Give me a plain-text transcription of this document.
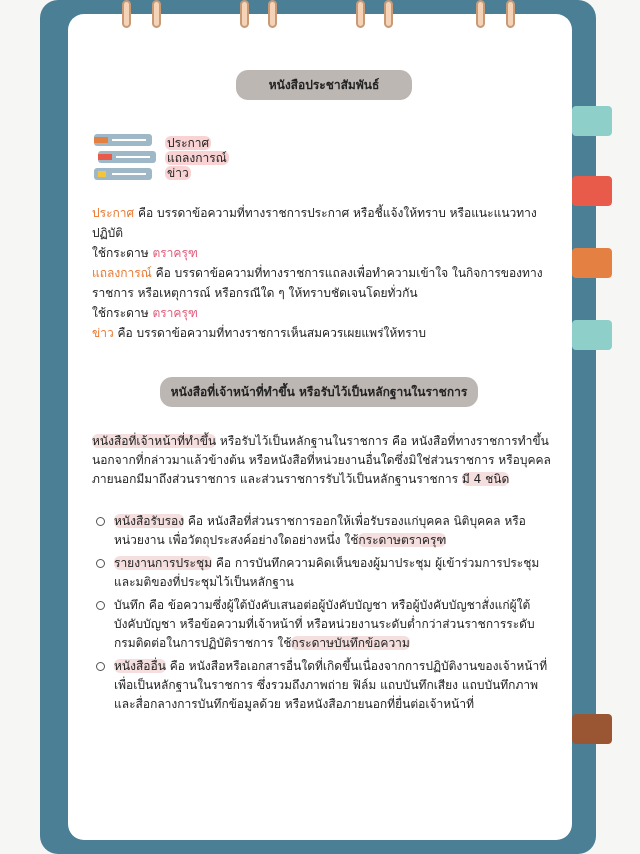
หนังสือประชาสัมพันธ์
ประกาศ
แถลงการณ์
ข่าว

ประกาศ คือ บรรดาข้อความที่ทางราชการประกาศ หรือชี้แจ้งให้ทราบ หรือแนะแนวทางปฏิบัติ

ใช้กระดาษ ตราครุฑ

แถลงการณ์ คือ บรรดาข้อความที่ทางราชการแถลงเพื่อทำความเข้าใจ ในกิจการของทางราชการ หรือเหตุการณ์ หรือกรณีใด ๆ ให้ทราบชัดเจนโดยทั่วกัน

ใช้กระดาษ ตราครุฑ

ข่าว คือ บรรดาข้อความที่ทางราชการเห็นสมควรเผยแพร่ให้ทราบ

หนังสือที่เจ้าหน้าที่ทำขึ้น หรือรับไว้เป็นหลักฐานในราชการ

หนังสือที่เจ้าหน้าที่ทำขึ้น หรือรับไว้เป็นหลักฐานในราชการ คือ หนังสือที่ทางราชการทำขึ้นนอกจากที่กล่าวมาแล้วข้างต้น หรือหนังสือที่หน่วยงานอื่นใดซึ่งมิใช่ส่วนราชการ หรือบุคคลภายนอกมีมาถึงส่วนราชการ และส่วนราชการรับไว้เป็นหลักฐานราชการ มี 4 ชนิด

หนังสือรับรอง คือ หนังสือที่ส่วนราชการออกให้เพื่อรับรองแก่บุคคล นิติบุคคล หรือหน่วยงาน เพื่อวัตถุประสงค์อย่างใดอย่างหนึ่ง ใช้กระดาษตราครุฑ
รายงานการประชุม คือ การบันทึกความคิดเห็นของผู้มาประชุม ผู้เข้าร่วมการประชุม และมติของที่ประชุมไว้เป็นหลักฐาน
บันทึก คือ ข้อความซึ่งผู้ใต้บังคับเสนอต่อผู้บังคับบัญชา หรือผู้บังคับบัญชาสั่งแก่ผู้ใต้บังคับบัญชา หรือข้อความที่เจ้าหน้าที่ หรือหน่วยงานระดับต่ำกว่าส่วนราชการระดับกรมติดต่อในการปฏิบัติราชการ ใช้กระดาษบันทึกข้อความ
หนังสืออื่น คือ หนังสือหรือเอกสารอื่นใดที่เกิดขึ้นเนื่องจากการปฏิบัติงานของเจ้าหน้าที่ เพื่อเป็นหลักฐานในราชการ ซึ่งรวมถึงภาพถ่าย ฟิล์ม แถบบันทึกเสียง แถบบันทึกภาพ และสื่อกลางการบันทึกข้อมูลด้วย หรือหนังสือภายนอกที่ยื่นต่อเจ้าหน้าที่
